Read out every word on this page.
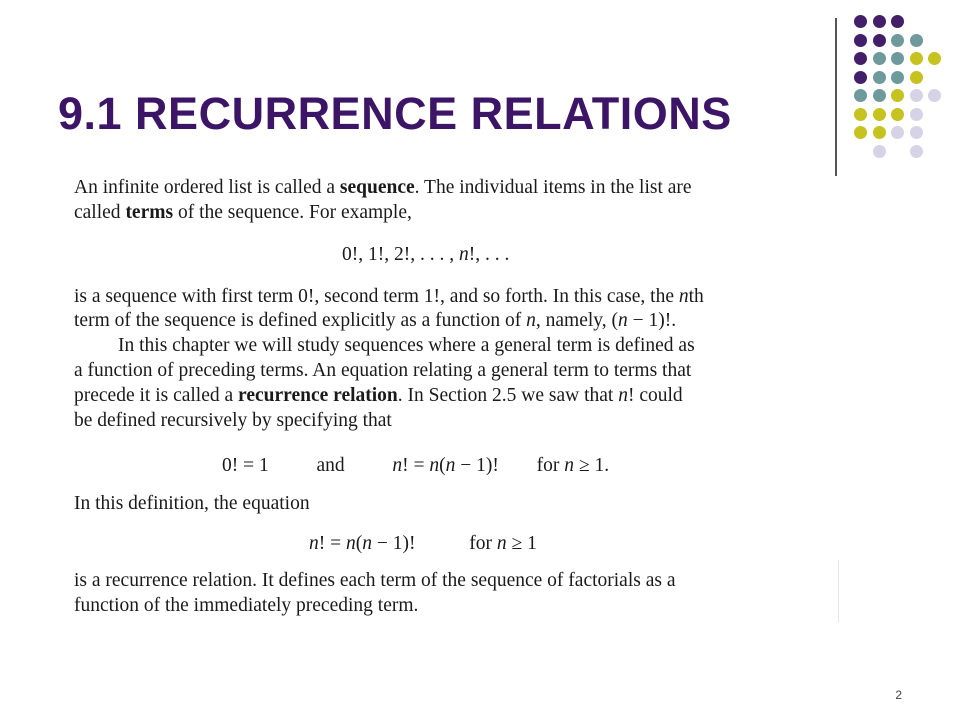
9.1 RECURRENCE RELATIONS
An infinite ordered list is called a sequence. The individual items in the list are
called terms of the sequence. For example,
0!, 1!, 2!, . . . , n!, . . .
is a sequence with first term 0!, second term 1!, and so forth. In this case, the nth
term of the sequence is defined explicitly as a function of n, namely, (n − 1)!.
In this chapter we will study sequences where a general term is defined as
a function of preceding terms. An equation relating a general term to terms that
precede it is called a recurrence relation. In Section 2.5 we saw that n! could
be defined recursively by specifying that
0! = 1 and n! = n(n − 1)! for n ≥ 1.
In this definition, the equation
n! = n(n − 1)!	for n ≥ 1
is a recurrence relation. It defines each term of the sequence of factorials as a
function of the immediately preceding term.
2
